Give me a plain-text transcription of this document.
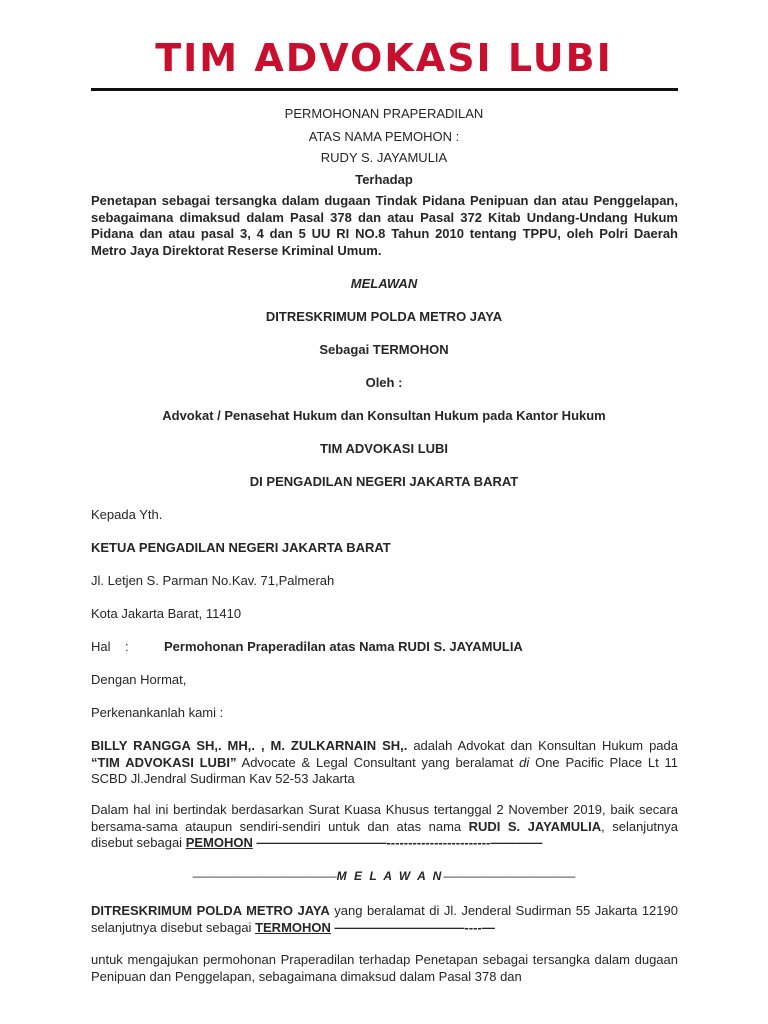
TIM ADVOKASI LUBI
PERMOHONAN PRAPERADILAN
ATAS NAMA PEMOHON :
RUDY S. JAYAMULIA
Terhadap
Penetapan sebagai tersangka dalam dugaan Tindak Pidana Penipuan dan atau Penggelapan, sebagaimana dimaksud dalam Pasal 378 dan atau Pasal 372 Kitab Undang-Undang Hukum Pidana dan atau pasal 3, 4 dan 5 UU RI NO.8 Tahun 2010 tentang TPPU, oleh Polri Daerah Metro Jaya Direktorat Reserse Kriminal Umum.
MELAWAN
DITRESKRIMUM POLDA METRO JAYA
Sebagai TERMOHON
Oleh :
Advokat / Penasehat Hukum dan Konsultan Hukum pada Kantor Hukum
TIM ADVOKASI LUBI
DI PENGADILAN NEGERI JAKARTA BARAT
Kepada Yth.
KETUA PENGADILAN NEGERI JAKARTA BARAT
Jl. Letjen S. Parman No.Kav. 71,Palmerah
Kota Jakarta Barat, 11410
Hal    :	Permohonan Praperadilan atas Nama RUDI S. JAYAMULIA
Dengan Hormat,
Perkenankanlah kami :
BILLY RANGGA SH,. MH,. , M. ZULKARNAIN SH,. adalah Advokat dan Konsultan Hukum pada “TIM ADVOKASI LUBI” Advocate & Legal Consultant yang beralamat di One Pacific Place Lt 11 SCBD Jl.Jendral Sudirman Kav 52-53 Jakarta
Dalam hal ini bertindak berdasarkan Surat Kuasa Khusus tertanggal 2 November 2019, baik secara bersama-sama ataupun sendiri-sendiri untuk dan atas nama RUDI S. JAYAMULIA, selanjutnya disebut sebagai PEMOHON ——————————------------------------————
————————————M E L A W A N———————————
DITRESKRIMUM POLDA METRO JAYA yang beralamat di Jl. Jenderal Sudirman 55 Jakarta 12190 selanjutnya disebut sebagai TERMOHON ——————————----—
untuk mengajukan permohonan Praperadilan terhadap Penetapan sebagai tersangka dalam dugaan Penipuan dan Penggelapan, sebagaimana dimaksud dalam Pasal 378 dan
